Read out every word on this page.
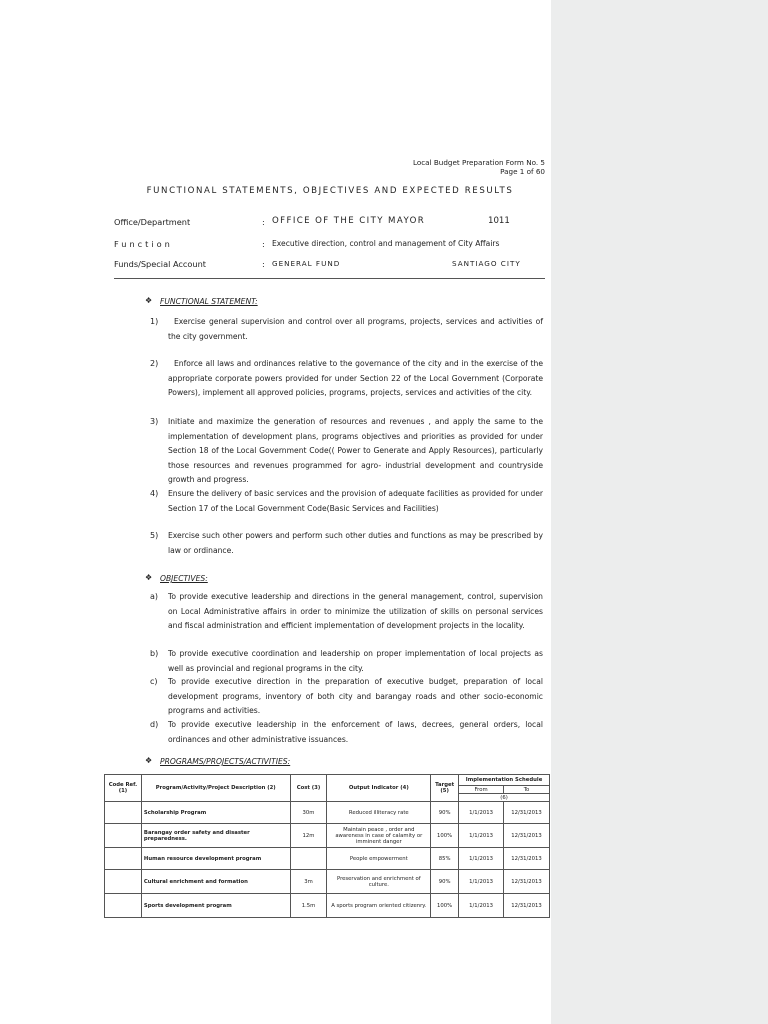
Local Budget Preparation Form No. 5
Page 1 of 60
FUNCTIONAL STATEMENTS, OBJECTIVES AND EXPECTED RESULTS
Office/Department	: OFFICE OF THE CITY MAYOR	1011
Function	: Executive direction, control and management of City Affairs
Funds/Special Account	: GENERAL FUND	SANTIAGO CITY
❖ FUNCTIONAL STATEMENT:
1)	Exercise general supervision and control over all programs, projects, services and activities of the city government.
2)	Enforce all laws and ordinances relative to the governance of the city and in the exercise of the appropriate corporate powers provided for under Section 22 of the Local Government (Corporate Powers), implement all approved policies, programs, projects, services and activities of the city.
3) Initiate and maximize the generation of resources and revenues , and apply the same to the implementation of development plans, programs objectives and priorities as provided for under Section 18 of the Local Government Code(( Power to Generate and Apply Resources), particularly those resources and revenues programmed for agro- industrial development and countryside growth and progress.
4) Ensure the delivery of basic services and the provision of adequate facilities as provided for under Section 17 of the Local Government Code(Basic Services and Facilities)
5) Exercise such other powers and perform such other duties and functions as may be prescribed by law or ordinance.
❖ OBJECTIVES:
a) To provide executive leadership and directions in the general management, control, supervision on Local Administrative affairs in order to minimize the utilization of skills on personal services and fiscal administration and efficient implementation of development projects in the locality.
b) To provide executive coordination and leadership on proper implementation of local projects as well as provincial and regional programs in the city.
c) To provide executive direction in the preparation of executive budget, preparation of local development programs, inventory of both city and barangay roads and other socio-economic programs and activities.
d) To provide executive leadership in the enforcement of laws, decrees, general orders, local ordinances and other administrative issuances.
❖ PROGRAMS/PROJECTS/ACTIVITIES:
Code Ref. (1)	Program/Activity/Project Description (2)	Cost (3)	Output Indicator (4)	Target (5)	Implementation Schedule	
					From	To
					(6)	
	Scholarship Program	30m	Reduced illiteracy rate	90%	1/1/2013	12/31/2013
	Barangay order safety and disaster preparedness.	12m	Maintain peace , order and awareness in case of calamity or imminent danger	100%	1/1/2013	12/31/2013
	Human resource development program		People empowerment	85%	1/1/2013	12/31/2013
	Cultural enrichment and formation	3m	Preservation and enrichment of culture.	90%	1/1/2013	12/31/2013
	Sports development program	1.5m	A sports program oriented citizenry.	100%	1/1/2013	12/31/2013
